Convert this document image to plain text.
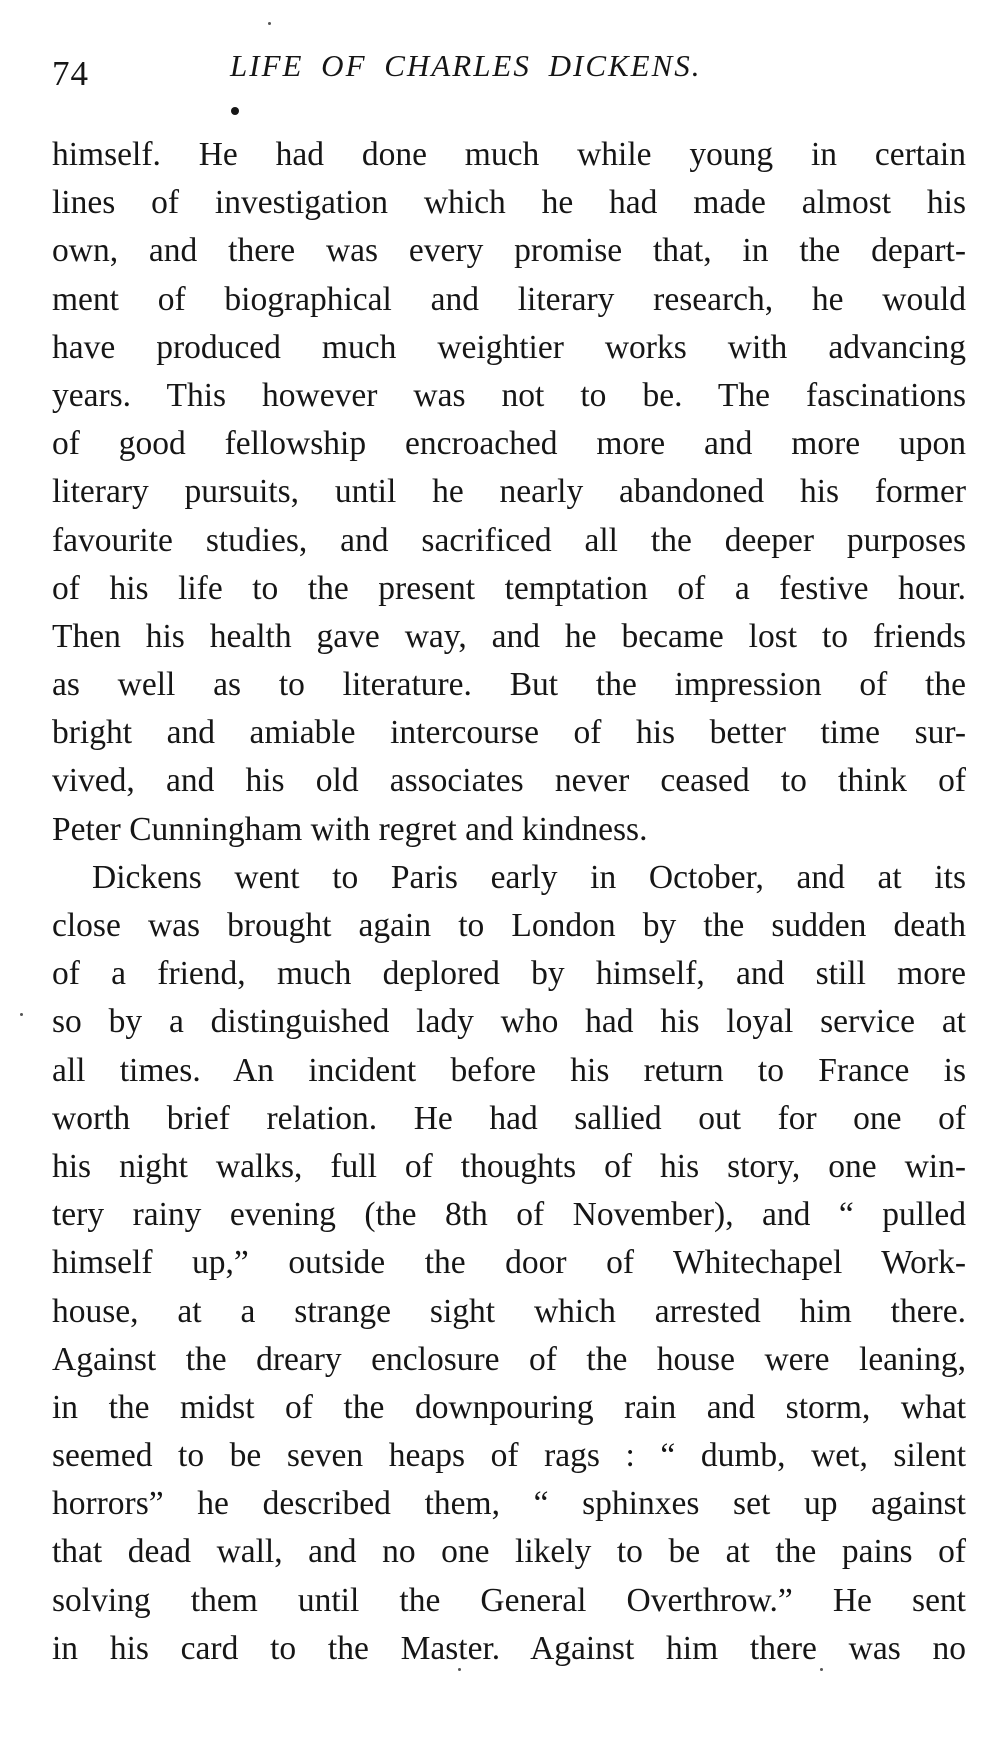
74	LIFE OF CHARLES DICKENS.
himself. He had done much while young in certain
lines of investigation which he had made almost his
own, and there was every promise that, in the depart-
ment of biographical and literary research, he would
have produced much weightier works with advancing
years. This however was not to be. The fascinations
of good fellowship encroached more and more upon
literary pursuits, until he nearly abandoned his former
favourite studies, and sacrificed all the deeper purposes
of his life to the present temptation of a festive hour.
Then his health gave way, and he became lost to friends
as well as to literature. But the impression of the
bright and amiable intercourse of his better time sur-
vived, and his old associates never ceased to think of
Peter Cunningham with regret and kindness.
Dickens went to Paris early in October, and at its
close was brought again to London by the sudden death
of a friend, much deplored by himself, and still more
so by a distinguished lady who had his loyal service at
all times. An incident before his return to France is
worth brief relation. He had sallied out for one of
his night walks, full of thoughts of his story, one win-
tery rainy evening (the 8th of November), and “ pulled
himself up,” outside the door of Whitechapel Work-
house, at a strange sight which arrested him there.
Against the dreary enclosure of the house were leaning,
in the midst of the downpouring rain and storm, what
seemed to be seven heaps of rags : “ dumb, wet, silent
horrors” he described them, “ sphinxes set up against
that dead wall, and no one likely to be at the pains of
solving them until the General Overthrow.” He sent
in his card to the Master. Against him there was no
